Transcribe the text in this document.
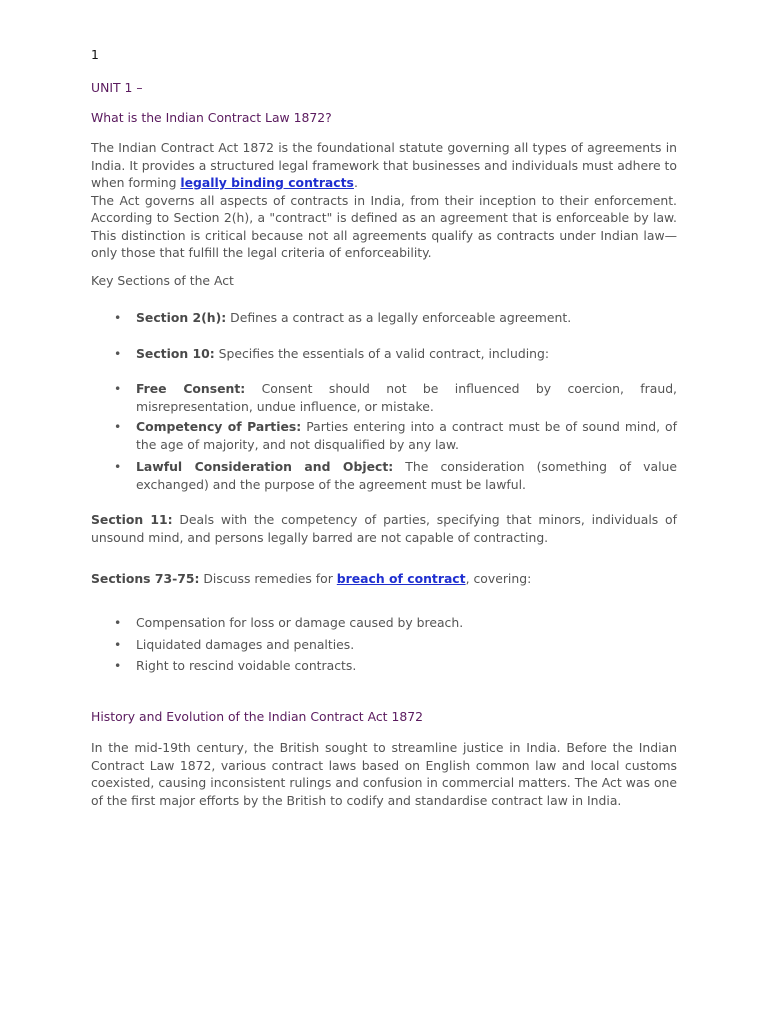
1

UNIT 1 –

What is the Indian Contract Law 1872?

The Indian Contract Act 1872 is the foundational statute governing all types of agreements in India. It provides a structured legal framework that businesses and individuals must adhere to when forming legally binding contracts.
The Act governs all aspects of contracts in India, from their inception to their enforcement. According to Section 2(h), a "contract" is defined as an agreement that is enforceable by law. This distinction is critical because not all agreements qualify as contracts under Indian law—only those that fulfill the legal criteria of enforceability.

Key Sections of the Act

• Section 2(h): Defines a contract as a legally enforceable agreement.
• Section 10: Specifies the essentials of a valid contract, including:
• Free Consent: Consent should not be influenced by coercion, fraud, misrepresentation, undue influence, or mistake.
• Competency of Parties: Parties entering into a contract must be of sound mind, of the age of majority, and not disqualified by any law.
• Lawful Consideration and Object: The consideration (something of value exchanged) and the purpose of the agreement must be lawful.
Section 11: Deals with the competency of parties, specifying that minors, individuals of unsound mind, and persons legally barred are not capable of contracting.
Sections 73-75: Discuss remedies for breach of contract, covering:
• Compensation for loss or damage caused by breach.
• Liquidated damages and penalties.
• Right to rescind voidable contracts.

History and Evolution of the Indian Contract Act 1872

In the mid-19th century, the British sought to streamline justice in India. Before the Indian Contract Law 1872, various contract laws based on English common law and local customs coexisted, causing inconsistent rulings and confusion in commercial matters. The Act was one of the first major efforts by the British to codify and standardise contract law in India.
